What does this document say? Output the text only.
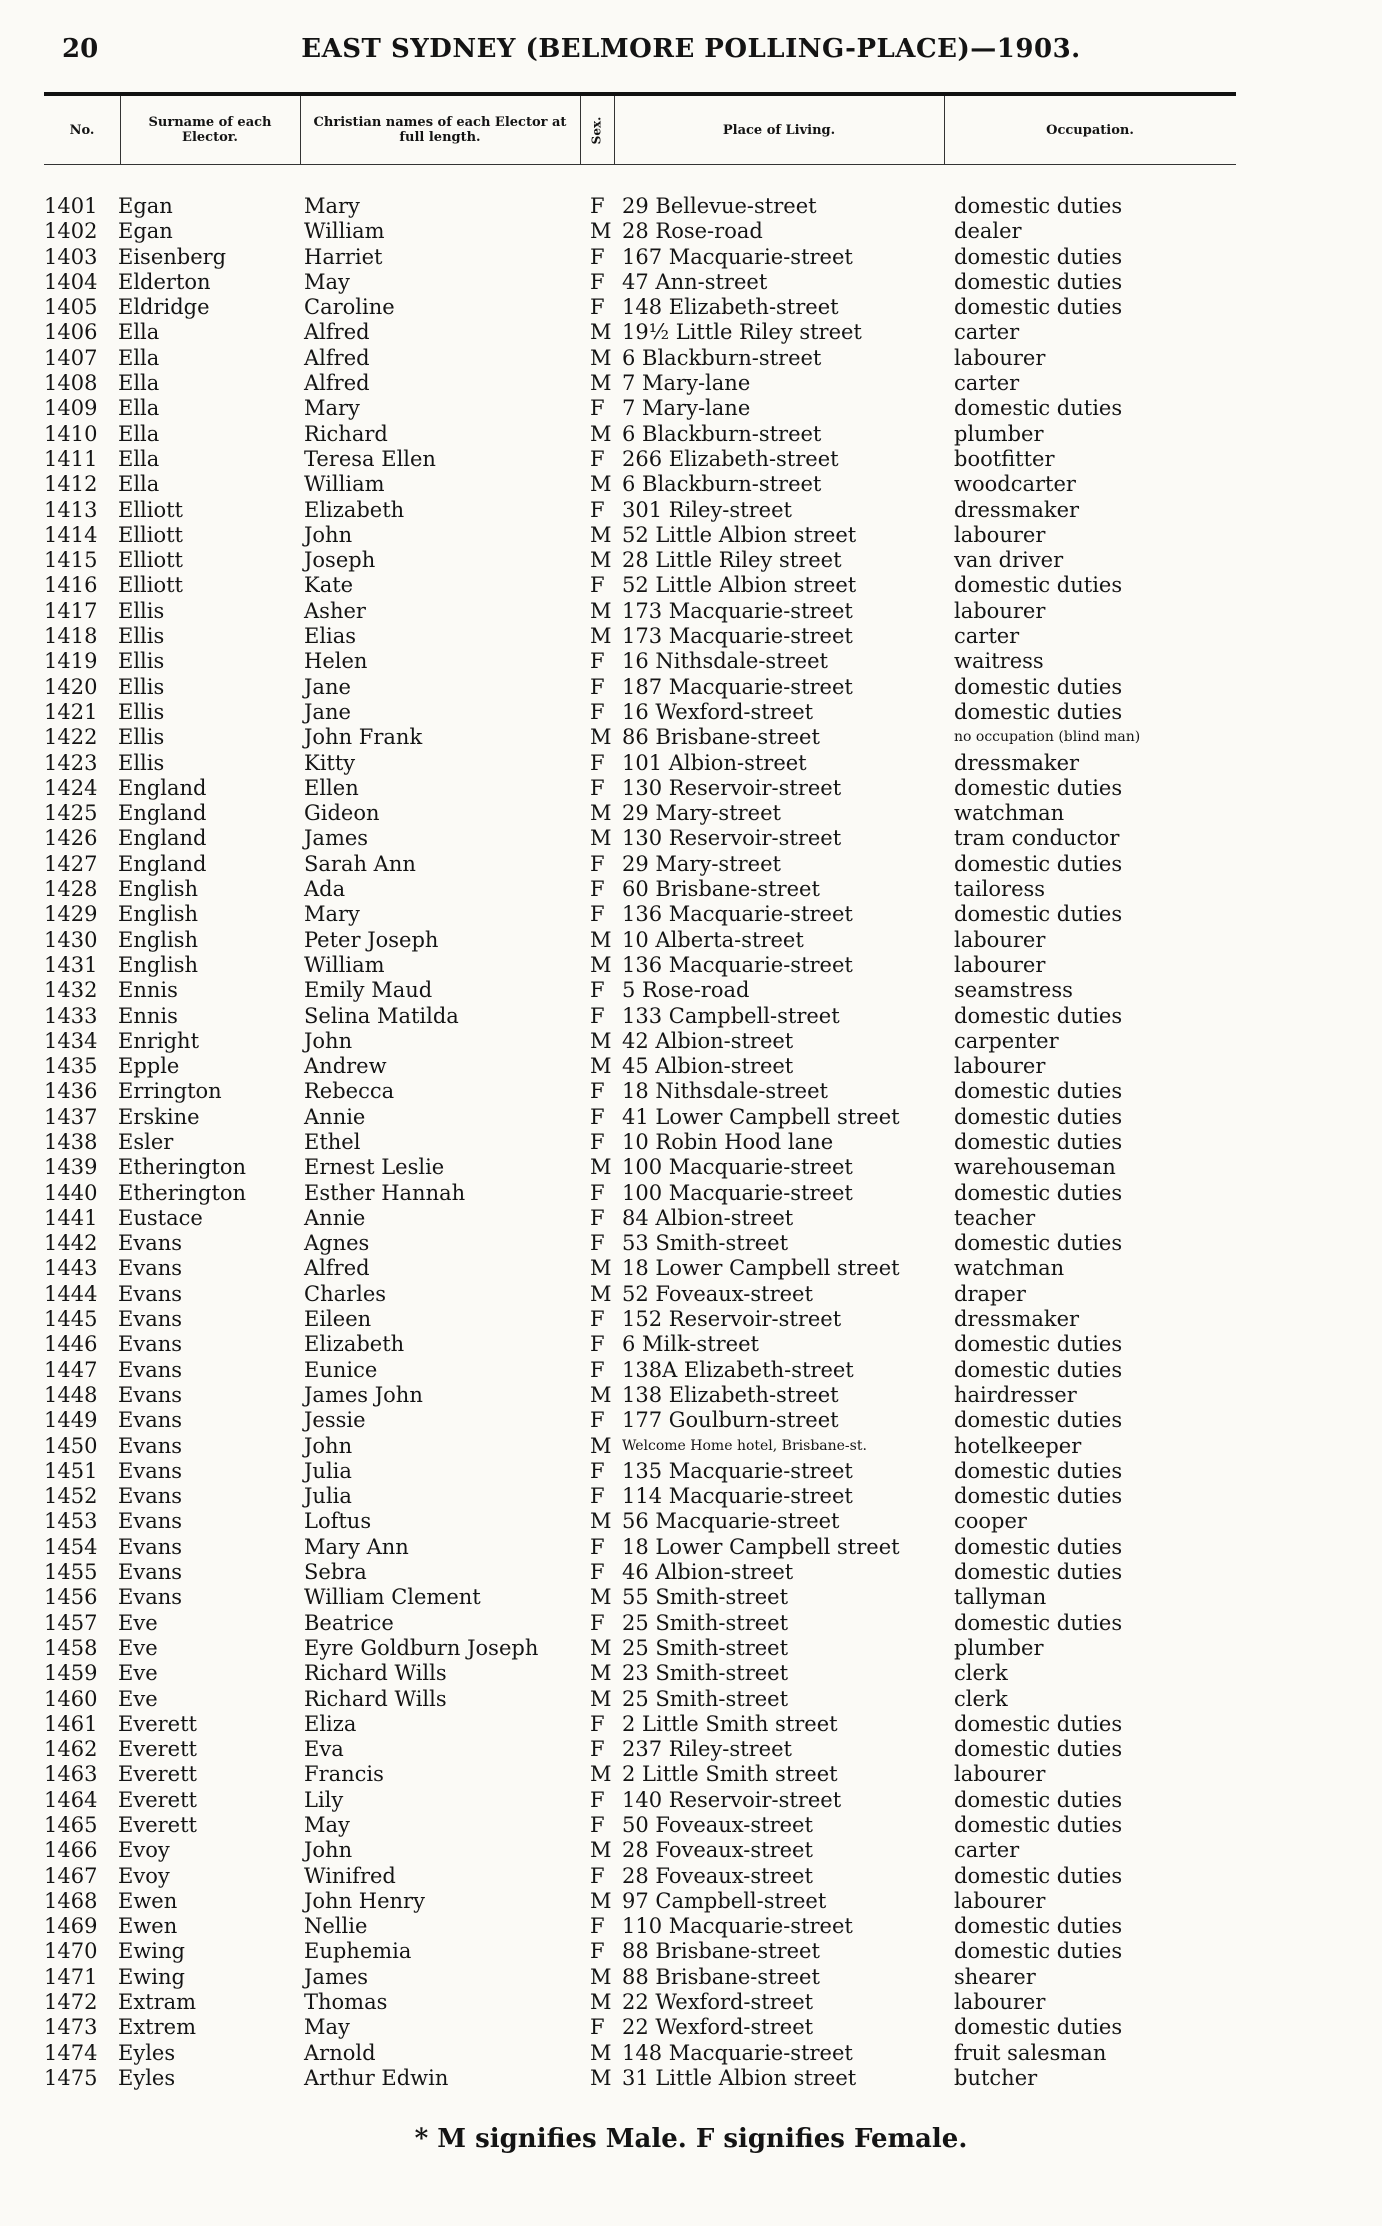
20	EAST SYDNEY (BELMORE POLLING-PLACE)—1903.
No.	Surname of each Elector.
Christian names of each Elector at full length.	Sex.	Place of Living.	Occupation.
1401 Egan	Mary	F 29 Bellevue-street	domestic duties
1402 Egan	William	M 28 Rose-road	dealer
1403 Eisenberg	Harriet	F 167 Macquarie-street	domestic duties
1404 Elderton	May	F 47 Ann-street	domestic duties
1405 Eldridge	Caroline	F 148 Elizabeth-street	domestic duties
1406 Ella	Alfred	M 19½ Little Riley street	carter
1407 Ella	Alfred	M 6 Blackburn-street	labourer
1408 Ella	Alfred	M 7 Mary-lane	carter
1409 Ella	Mary	F 7 Mary-lane	domestic duties
1410 Ella	Richard	M 6 Blackburn-street	plumber
1411 Ella	Teresa Ellen	F 266 Elizabeth-street	bootfitter
1412 Ella	William	M 6 Blackburn-street	woodcarter
1413 Elliott	Elizabeth	F 301 Riley-street	dressmaker
1414 Elliott	John	M 52 Little Albion street	labourer
1415 Elliott	Joseph	M 28 Little Riley street	van driver
1416 Elliott	Kate	F 52 Little Albion street	domestic duties
1417 Ellis	Asher	M 173 Macquarie-street	labourer
1418 Ellis	Elias	M 173 Macquarie-street	carter
1419 Ellis	Helen	F 16 Nithsdale-street	waitress
1420 Ellis	Jane	F 187 Macquarie-street	domestic duties
1421 Ellis	Jane	F 16 Wexford-street	domestic duties
1422 Ellis	John Frank	M 86 Brisbane-street	no occupation (blind man)
1423 Ellis	Kitty	F 101 Albion-street	dressmaker
1424 England	Ellen	F 130 Reservoir-street	domestic duties
1425 England	Gideon	M 29 Mary-street	watchman
1426 England	James	M 130 Reservoir-street	tram conductor
1427 England	Sarah Ann	F 29 Mary-street	domestic duties
1428 English	Ada	F 60 Brisbane-street	tailoress
1429 English	Mary	F 136 Macquarie-street	domestic duties
1430 English	Peter Joseph	M 10 Alberta-street	labourer
1431 English	William	M 136 Macquarie-street	labourer
1432 Ennis	Emily Maud	F 5 Rose-road	seamstress
1433 Ennis	Selina Matilda	F 133 Campbell-street	domestic duties
1434 Enright	John	M 42 Albion-street	carpenter
1435 Epple	Andrew	M 45 Albion-street	labourer
1436 Errington	Rebecca	F 18 Nithsdale-street	domestic duties
1437 Erskine	Annie	F 41 Lower Campbell street	domestic duties
1438 Esler	Ethel	F 10 Robin Hood lane	domestic duties
1439 Etherington	Ernest Leslie	M 100 Macquarie-street	warehouseman
1440 Etherington	Esther Hannah	F 100 Macquarie-street	domestic duties
1441 Eustace	Annie	F 84 Albion-street	teacher
1442 Evans	Agnes	F 53 Smith-street	domestic duties
1443 Evans	Alfred	M 18 Lower Campbell street	watchman
1444 Evans	Charles	M 52 Foveaux-street	draper
1445 Evans	Eileen	F 152 Reservoir-street	dressmaker
1446 Evans	Elizabeth	F 6 Milk-street	domestic duties
1447 Evans	Eunice	F 138A Elizabeth-street	domestic duties
1448 Evans	James John	M 138 Elizabeth-street	hairdresser
1449 Evans	Jessie	F 177 Goulburn-street	domestic duties
1450 Evans	John	M Welcome Home hotel, Brisbane-st.	hotelkeeper
1451 Evans	Julia	F 135 Macquarie-street	domestic duties
1452 Evans	Julia	F 114 Macquarie-street	domestic duties
1453 Evans	Loftus	M 56 Macquarie-street	cooper
1454 Evans	Mary Ann	F 18 Lower Campbell street	domestic duties
1455 Evans	Sebra	F 46 Albion-street	domestic duties
1456 Evans	William Clement	M 55 Smith-street	tallyman
1457 Eve	Beatrice	F 25 Smith-street	domestic duties
1458 Eve	Eyre Goldburn Joseph M 25 Smith-street	plumber
1459 Eve	Richard Wills	M 23 Smith-street	clerk
1460 Eve	Richard Wills	M 25 Smith-street	clerk
1461 Everett	Eliza	F 2 Little Smith street	domestic duties
1462 Everett	Eva	F 237 Riley-street	domestic duties
1463 Everett	Francis	M 2 Little Smith street	labourer
1464 Everett	Lily	F 140 Reservoir-street	domestic duties
1465 Everett	May	F 50 Foveaux-street	domestic duties
1466 Evoy	John	M 28 Foveaux-street	carter
1467 Evoy	Winifred	F 28 Foveaux-street	domestic duties
1468 Ewen	John Henry	M 97 Campbell-street	labourer
1469 Ewen	Nellie	F 110 Macquarie-street	domestic duties
1470 Ewing	Euphemia	F 88 Brisbane-street	domestic duties
1471 Ewing	James	M 88 Brisbane-street	shearer
1472 Extram	Thomas	M 22 Wexford-street	labourer
1473 Extrem	May	F 22 Wexford-street	domestic duties
1474 Eyles	Arnold	M 148 Macquarie-street	fruit salesman
1475 Eyles	Arthur Edwin	M 31 Little Albion street	butcher
* M signifies Male. F signifies Female.
